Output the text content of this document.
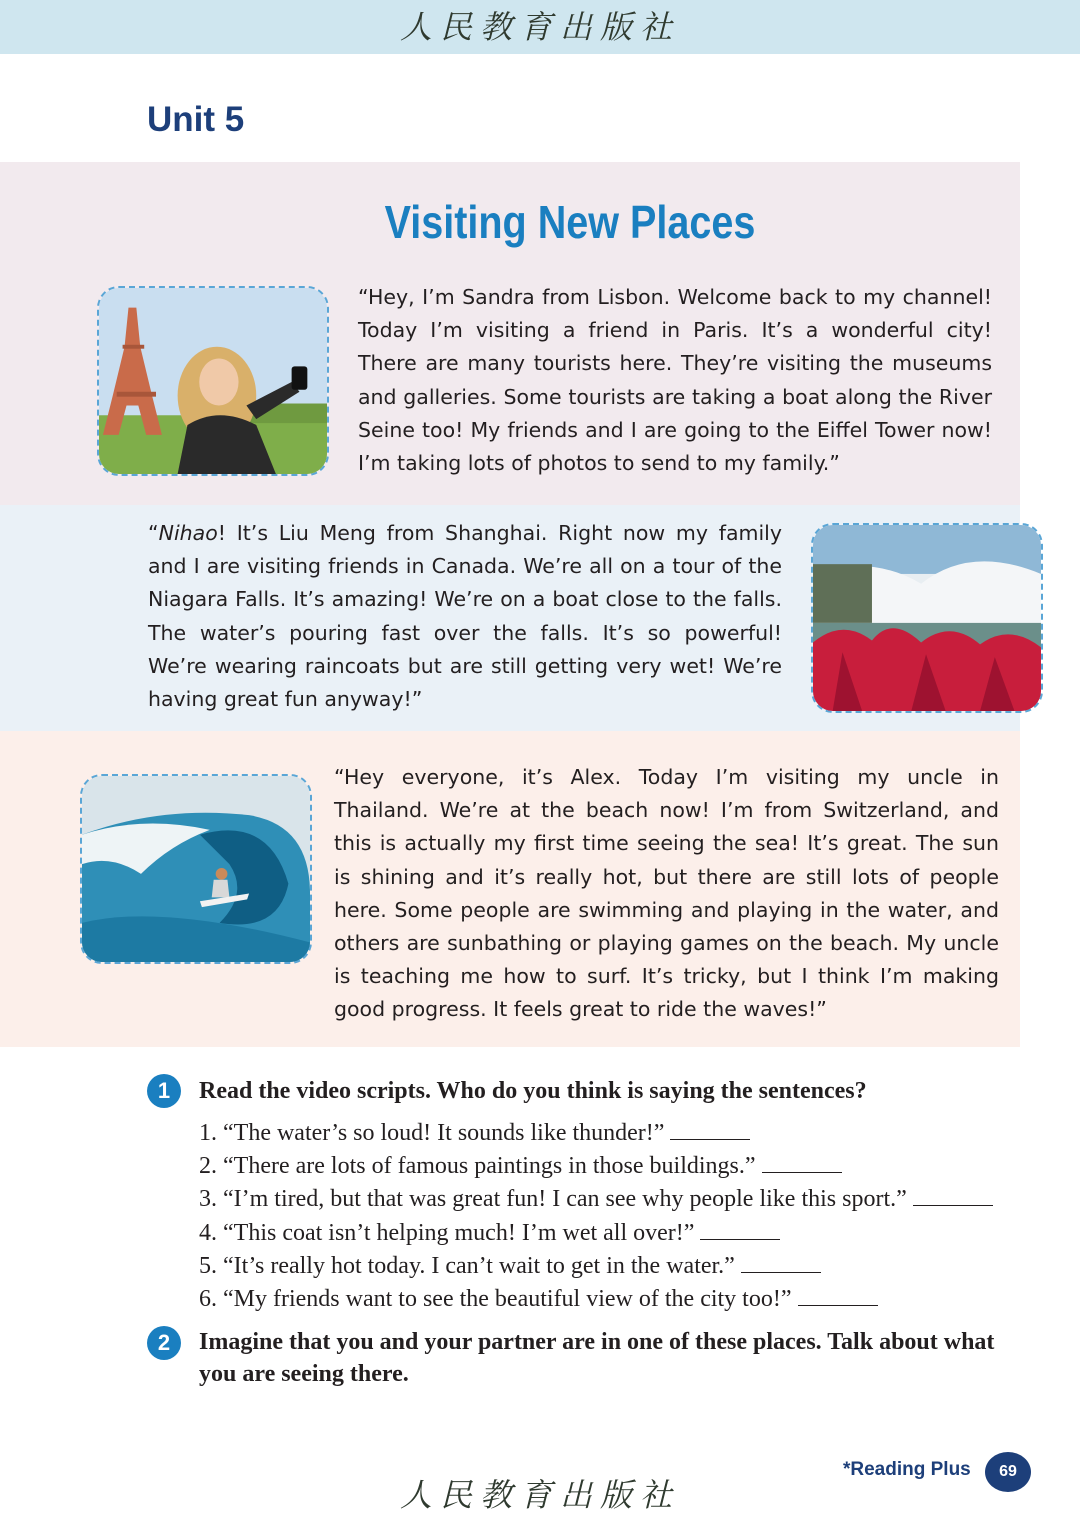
人民教育出版社
Unit 5
Visiting New Places
“Hey, I’m Sandra from Lisbon. Welcome back to my channel! Today I’m visiting a friend in Paris. It’s a wonderful city! There are many tourists here. They’re visiting the museums and galleries. Some tourists are taking a boat along the River Seine too! My friends and I are going to the Eiffel Tower now! I’m taking lots of photos to send to my family.”
“Nihao! It’s Liu Meng from Shanghai. Right now my family and I are visiting friends in Canada. We’re all on a tour of the Niagara Falls. It’s amazing! We’re on a boat close to the falls. The water’s pouring fast over the falls. It’s so powerful! We’re wearing raincoats but are still getting very wet! We’re having great fun anyway!”
“Hey everyone, it’s Alex. Today I’m visiting my uncle in Thailand. We’re at the beach now! I’m from Switzerland, and this is actually my first time seeing the sea! It’s great. The sun is shining and it’s really hot, but there are still lots of people here. Some people are swimming and playing in the water, and others are sunbathing or playing games on the beach. My uncle is teaching me how to surf. It’s tricky, but I think I’m making good progress. It feels great to ride the waves!”
1	Read the video scripts. Who do you think is saying the sentences?
1. “The water’s so loud! It sounds like thunder!”
2. “There are lots of famous paintings in those buildings.”
3. “I’m tired, but that was great fun! I can see why people like this sport.”
4. “This coat isn’t helping much! I’m wet all over!”
5. “It’s really hot today. I can’t wait to get in the water.”
6. “My friends want to see the beautiful view of the city too!”
2	Imagine that you and your partner are in one of these places. Talk about what you are seeing there.
*Reading Plus	69
人民教育出版社
